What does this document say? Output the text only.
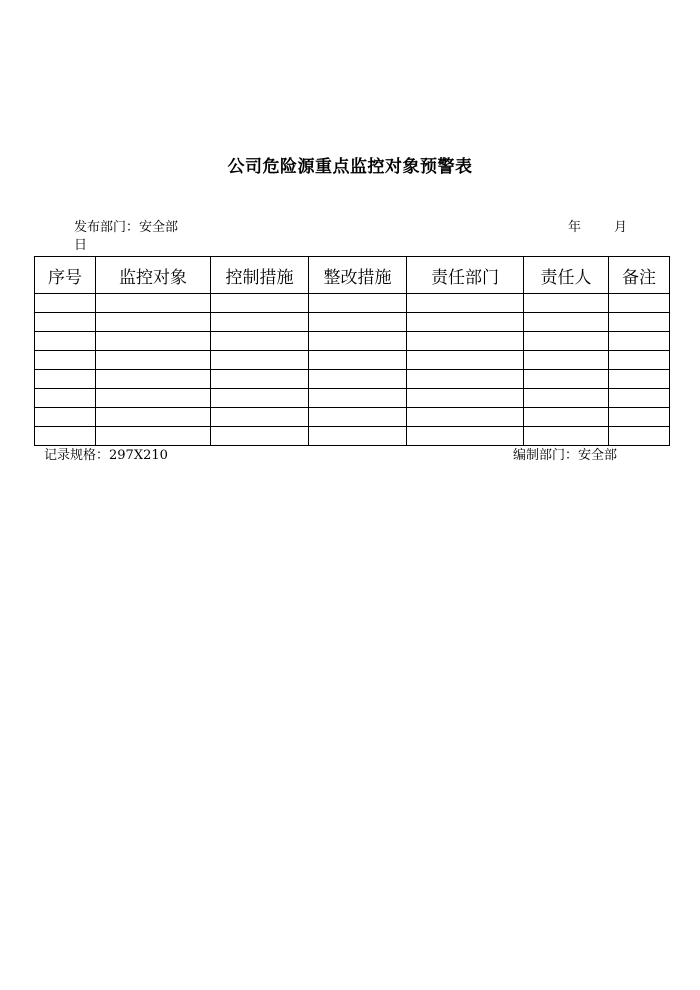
公司危险源重点监控对象预警表
发布部门：安全部	年	月
日
序号	监控对象	控制措施	整改措施	责任部门	责任人	备注

记录规格：297X210	编制部门：安全部
